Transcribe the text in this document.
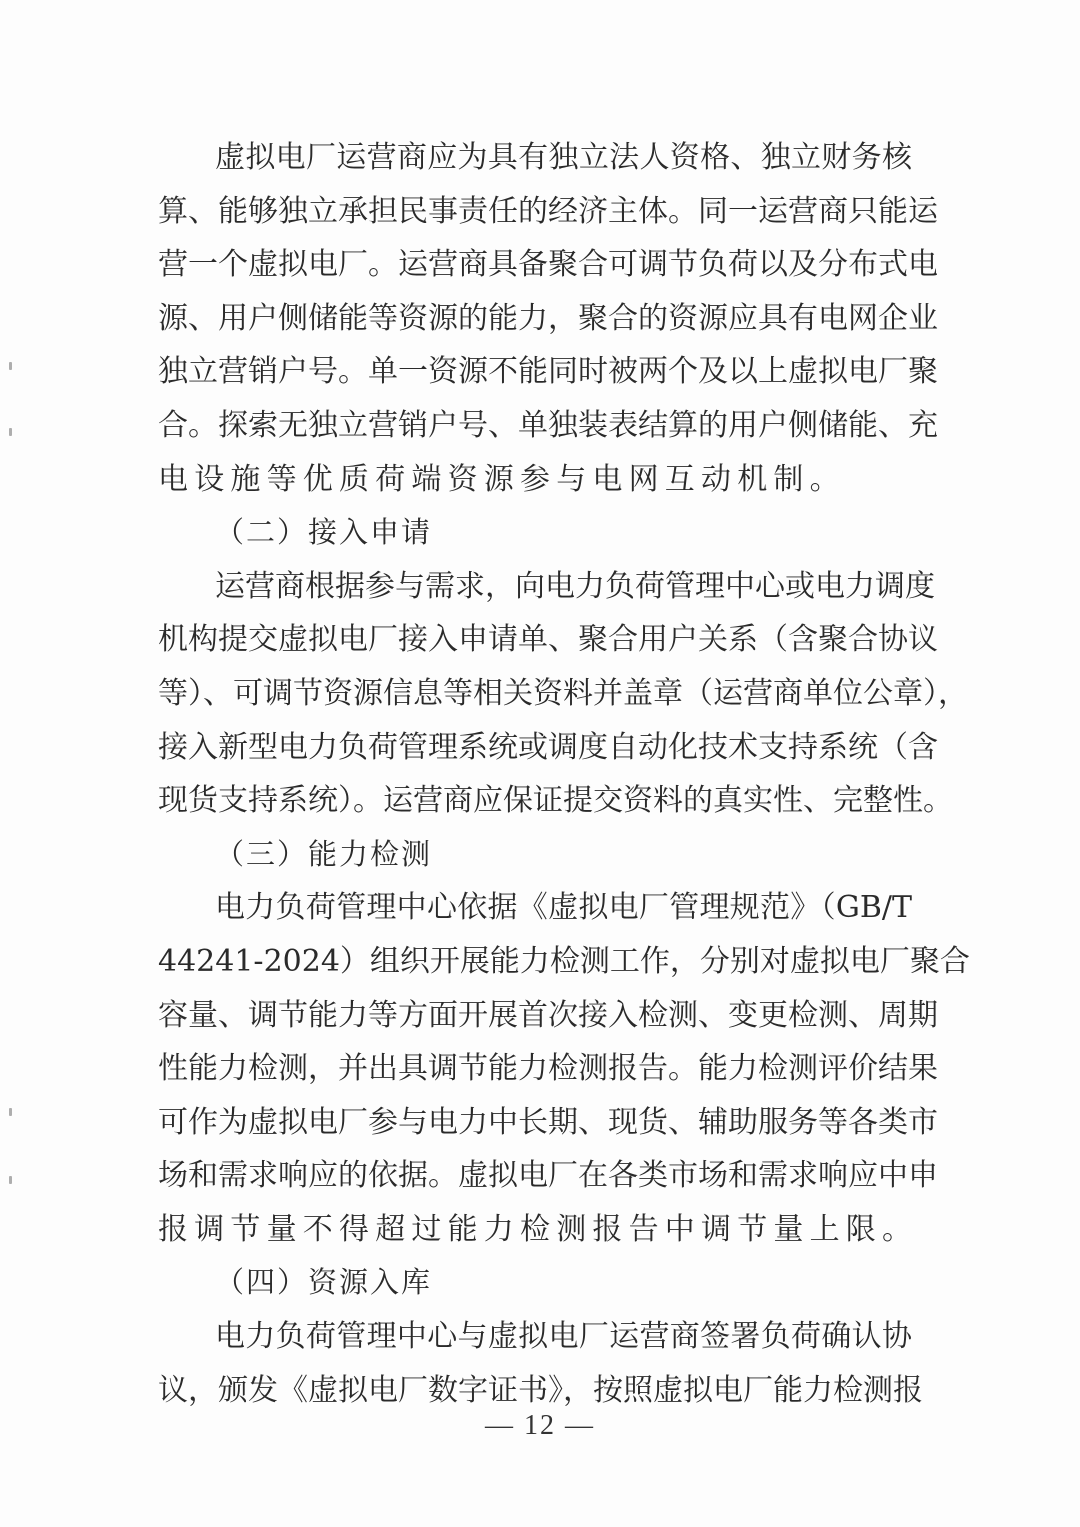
虚拟电厂运营商应为具有独立法人资格、独立财务核
算、能够独立承担民事责任的经济主体。同一运营商只能运
营一个虚拟电厂。运营商具备聚合可调节负荷以及分布式电
源、用户侧储能等资源的能力，聚合的资源应具有电网企业
独立营销户号。单一资源不能同时被两个及以上虚拟电厂聚
合。探索无独立营销户号、单独装表结算的用户侧储能、充
电设施等优质荷端资源参与电网互动机制。
（二）接入申请
运营商根据参与需求，向电力负荷管理中心或电力调度
机构提交虚拟电厂接入申请单、聚合用户关系（含聚合协议
等）、可调节资源信息等相关资料并盖章（运营商单位公章），
接入新型电力负荷管理系统或调度自动化技术支持系统（含
现货支持系统）。运营商应保证提交资料的真实性、完整性。
（三）能力检测
电力负荷管理中心依据《虚拟电厂管理规范》（GB/T
44241-2024）组织开展能力检测工作，分别对虚拟电厂聚合
容量、调节能力等方面开展首次接入检测、变更检测、周期
性能力检测，并出具调节能力检测报告。能力检测评价结果
可作为虚拟电厂参与电力中长期、现货、辅助服务等各类市
场和需求响应的依据。虚拟电厂在各类市场和需求响应中申
报调节量不得超过能力检测报告中调节量上限。
（四）资源入库
电力负荷管理中心与虚拟电厂运营商签署负荷确认协
议，颁发《虚拟电厂数字证书》，按照虚拟电厂能力检测报
— 12 —
